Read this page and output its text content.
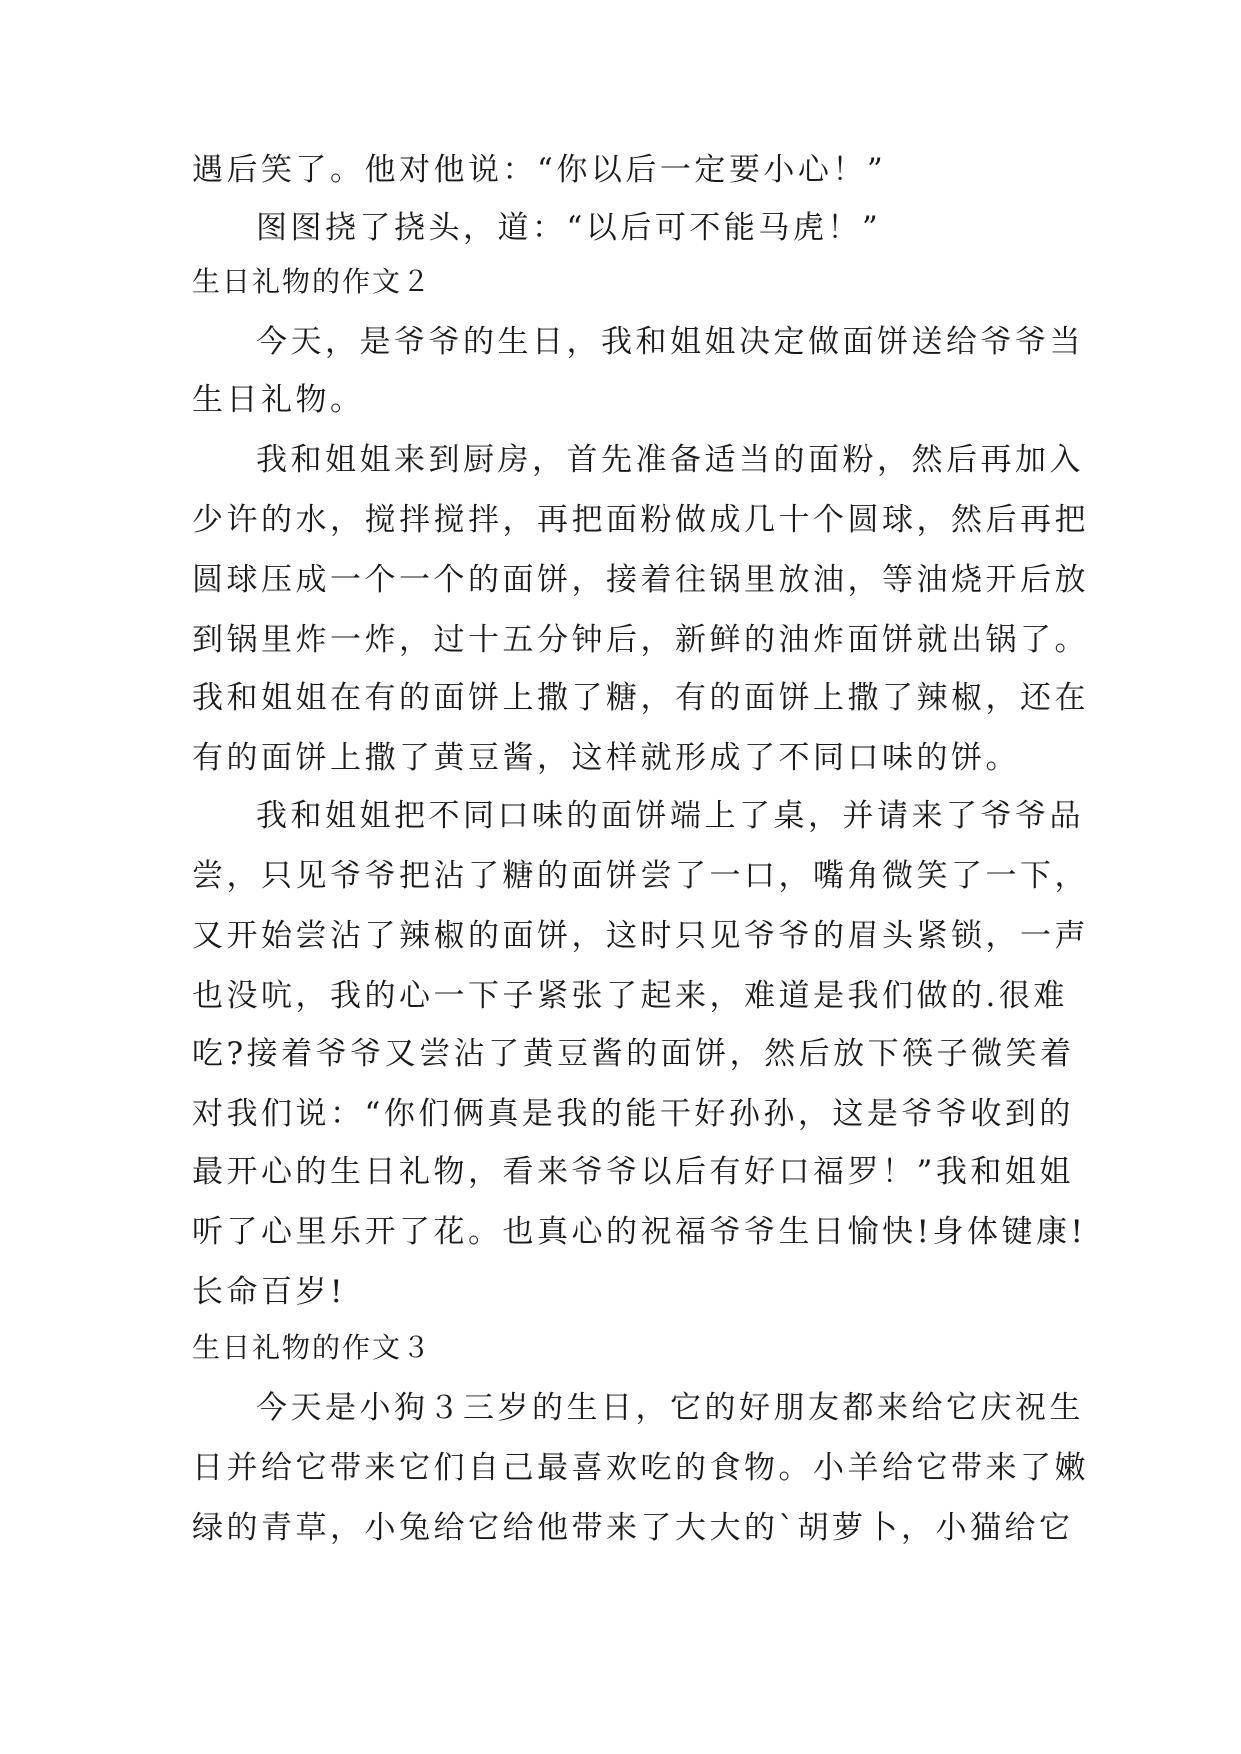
遇后笑了。他对他说：“你以后一定要小心！”
图图挠了挠头，道：“以后可不能马虎！”
生日礼物的作文２
今天，是爷爷的生日，我和姐姐决定做面饼送给爷爷当
生日礼物。
我和姐姐来到厨房，首先准备适当的面粉，然后再加入
少许的水，搅拌搅拌，再把面粉做成几十个圆球，然后再把
圆球压成一个一个的面饼，接着往锅里放油，等油烧开后放
到锅里炸一炸，过十五分钟后，新鲜的油炸面饼就出锅了。
我和姐姐在有的面饼上撒了糖，有的面饼上撒了辣椒，还在
有的面饼上撒了黄豆酱，这样就形成了不同口味的饼。
我和姐姐把不同口味的面饼端上了桌，并请来了爷爷品
尝，只见爷爷把沾了糖的面饼尝了一口，嘴角微笑了一下，
又开始尝沾了辣椒的面饼，这时只见爷爷的眉头紧锁，一声
也没吭，我的心一下子紧张了起来，难道是我们做的.很难
吃?接着爷爷又尝沾了黄豆酱的面饼，然后放下筷子微笑着
对我们说：“你们俩真是我的能干好孙孙，这是爷爷收到的
最开心的生日礼物，看来爷爷以后有好口福罗！”我和姐姐
听了心里乐开了花。也真心的祝福爷爷生日愉快!身体键康!
长命百岁!
生日礼物的作文３
今天是小狗３三岁的生日，它的好朋友都来给它庆祝生
日并给它带来它们自己最喜欢吃的食物。小羊给它带来了嫩
绿的青草，小兔给它给他带来了大大的`胡萝卜，小猫给它
